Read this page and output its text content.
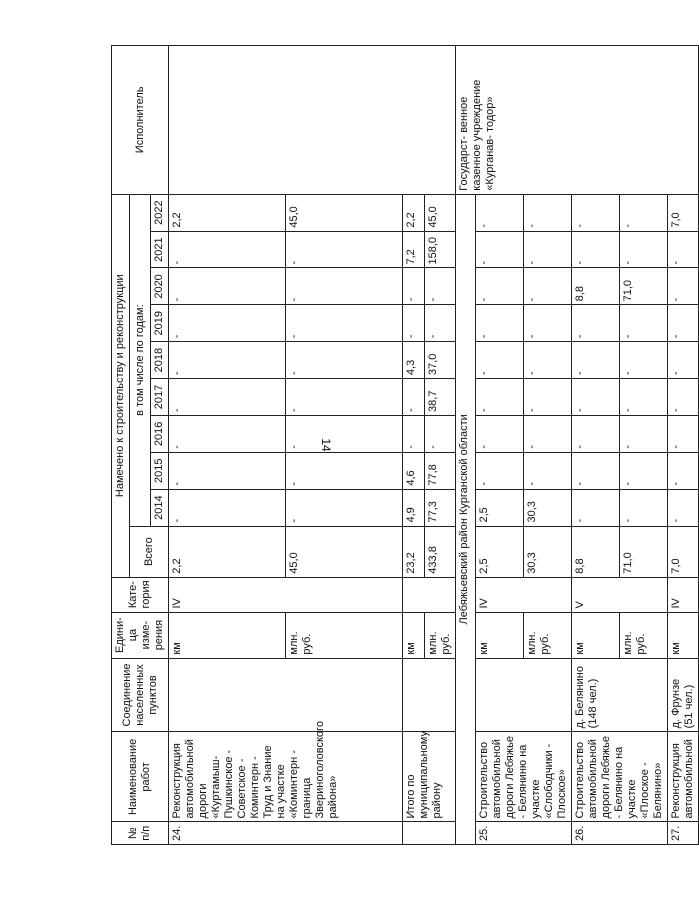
14
№ п/п	Наименование работ	Соединение населенных пунктов	Едини- ца изме- рения	Кате- гория	Намечено к строительству и реконструкции										Исполнитель
					Всего	в том числе по годам:									
						2014	2015	2016	2017	2018	2019	2020	2021	2022	
24.	Реконструкция автомобильной дороги «Куртамыш- Пушкинское - Советское - Коминтерн - Труд и Знание на участке «Коминтерн - граница Звериноголовского района»		км	IV	2,2	-	-	-	-	-	-	-	-	2,2	
			млн. руб.		45,0	-	-	-	-	-	-	-	-	45,0	
	Итого по муниципальному району		км		23,2	4,9	4,6	-	-	4,3	-	-	7,2	2,2	
			млн. руб.		433,8	77,3	77,8	-	38,7	37,0	-	-	158,0	45,0	
Лебяжьевский район Курганской области															Государст- венное казенное учреждение «Курганав- тодор»
25.	Строительство автомобильной дороги Лебяжье - Беляниню на участке «Слободчики - Плоское»		км	IV	2,5	2,5	-	-	-	-	-	-	-	-	
			млн. руб.		30,3	30,3	-	-	-	-	-	-	-	-	
26.	Строительство автомобильной дороги Лебяжье - Белянино на участке «Плоское - Белянино»	д. Белянино (148 чел.)	км	V	8,8	-	-	-	-	-	-	8,8	-	-	
			млн. руб.		71,0	-	-	-	-	-	-	71,0	-	-	
27.	Реконструкция автомобильной	д. Фрунзе (51 чел.)	км	IV	7,0	-	-	-	-	-	-	-	-	7,0	
